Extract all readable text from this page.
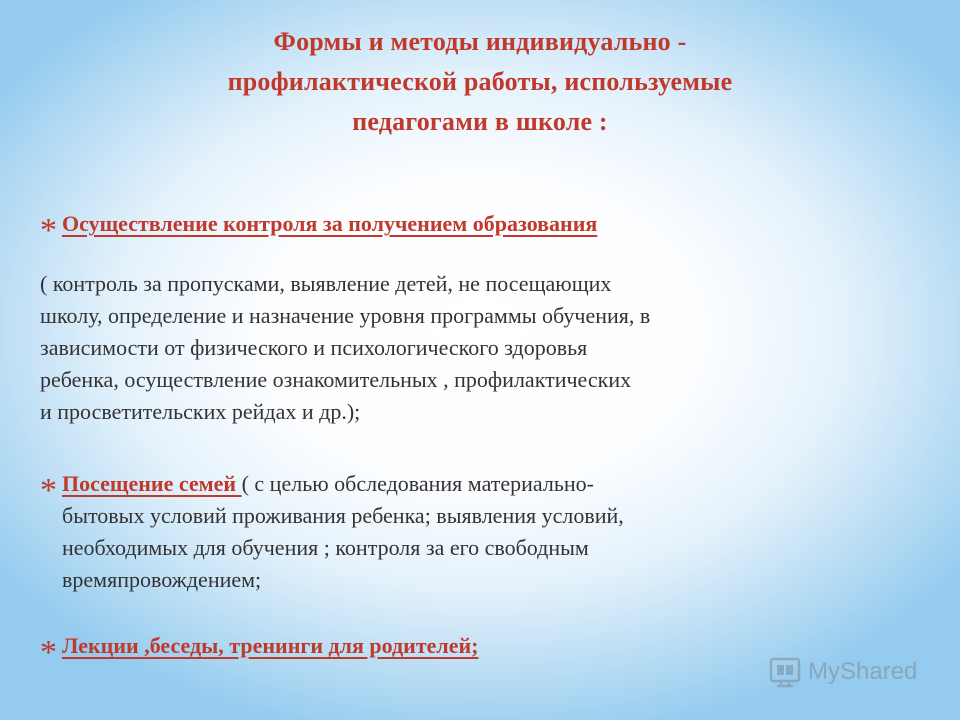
Формы и методы индивидуально -
профилактической работы, используемые
педагогами в школе :
* Осуществление контроля за получением образования
( контроль за пропусками, выявление детей, не посещающих
школу, определение и назначение уровня программы обучения, в
зависимости от физического и психологического здоровья
ребенка, осуществление ознакомительных , профилактических
и просветительских рейдах и др.);
* Посещение семей ( с целью обследования материально-
бытовых условий проживания ребенка; выявления условий,
необходимых для обучения ; контроля за его свободным
времяпровождением;
* Лекции ,беседы, тренинги для родителей;
MyShared
